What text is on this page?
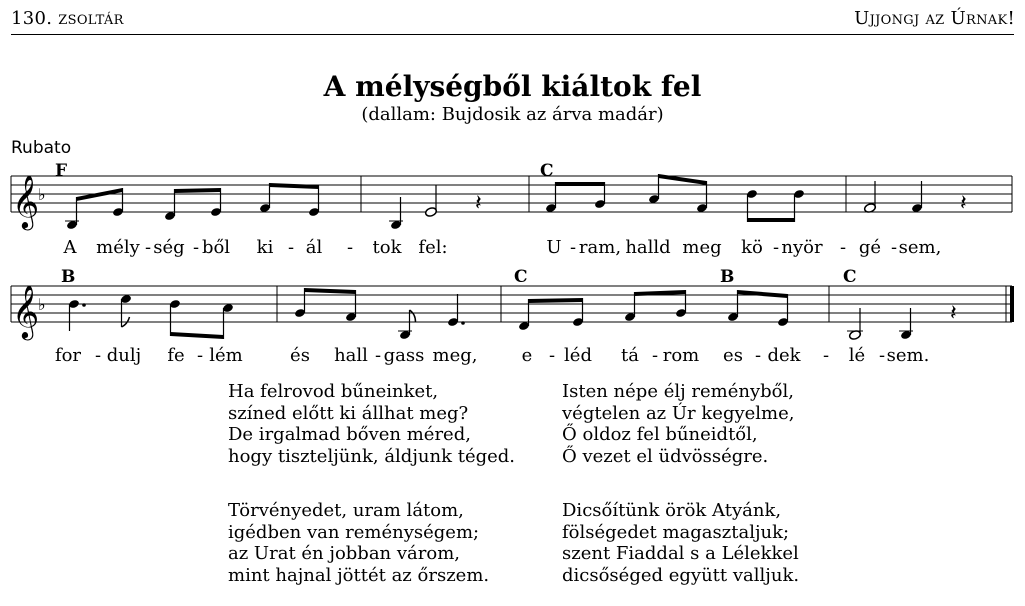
130. zsoltár	Ujjongj az Úrnak!
A mélységből kiáltok fel
(dallam: Bujdosik az árva madár)
Rubato
𝄞
♭
F	C
𝄽	𝄽
A mély - ség - ből ki - ál - tok fel:	U - ram, halld meg kö - nyör - gé - sem,
𝄞
♭
B	C	B	C
𝄽
for - dulj fe - lém	és hall - gass meg, e - léd tá - rom es - dek - lé - sem.
Ha felrovod bűneinket,
színed előtt ki állhat meg?
De irgalmad bőven méred,
hogy tiszteljünk, áldjunk téged.
Isten népe élj reményből,
végtelen az Úr kegyelme,
Ő oldoz fel bűneidtől,
Ő vezet el üdvösségre.
Törvényedet, uram látom,
igédben van reménységem;
az Urat én jobban várom,
mint hajnal jöttét az őrszem.
Dicsőítünk örök Atyánk,
fölségedet magasztaljuk;
szent Fiaddal s a Lélekkel
dicsőséged együtt valljuk.
